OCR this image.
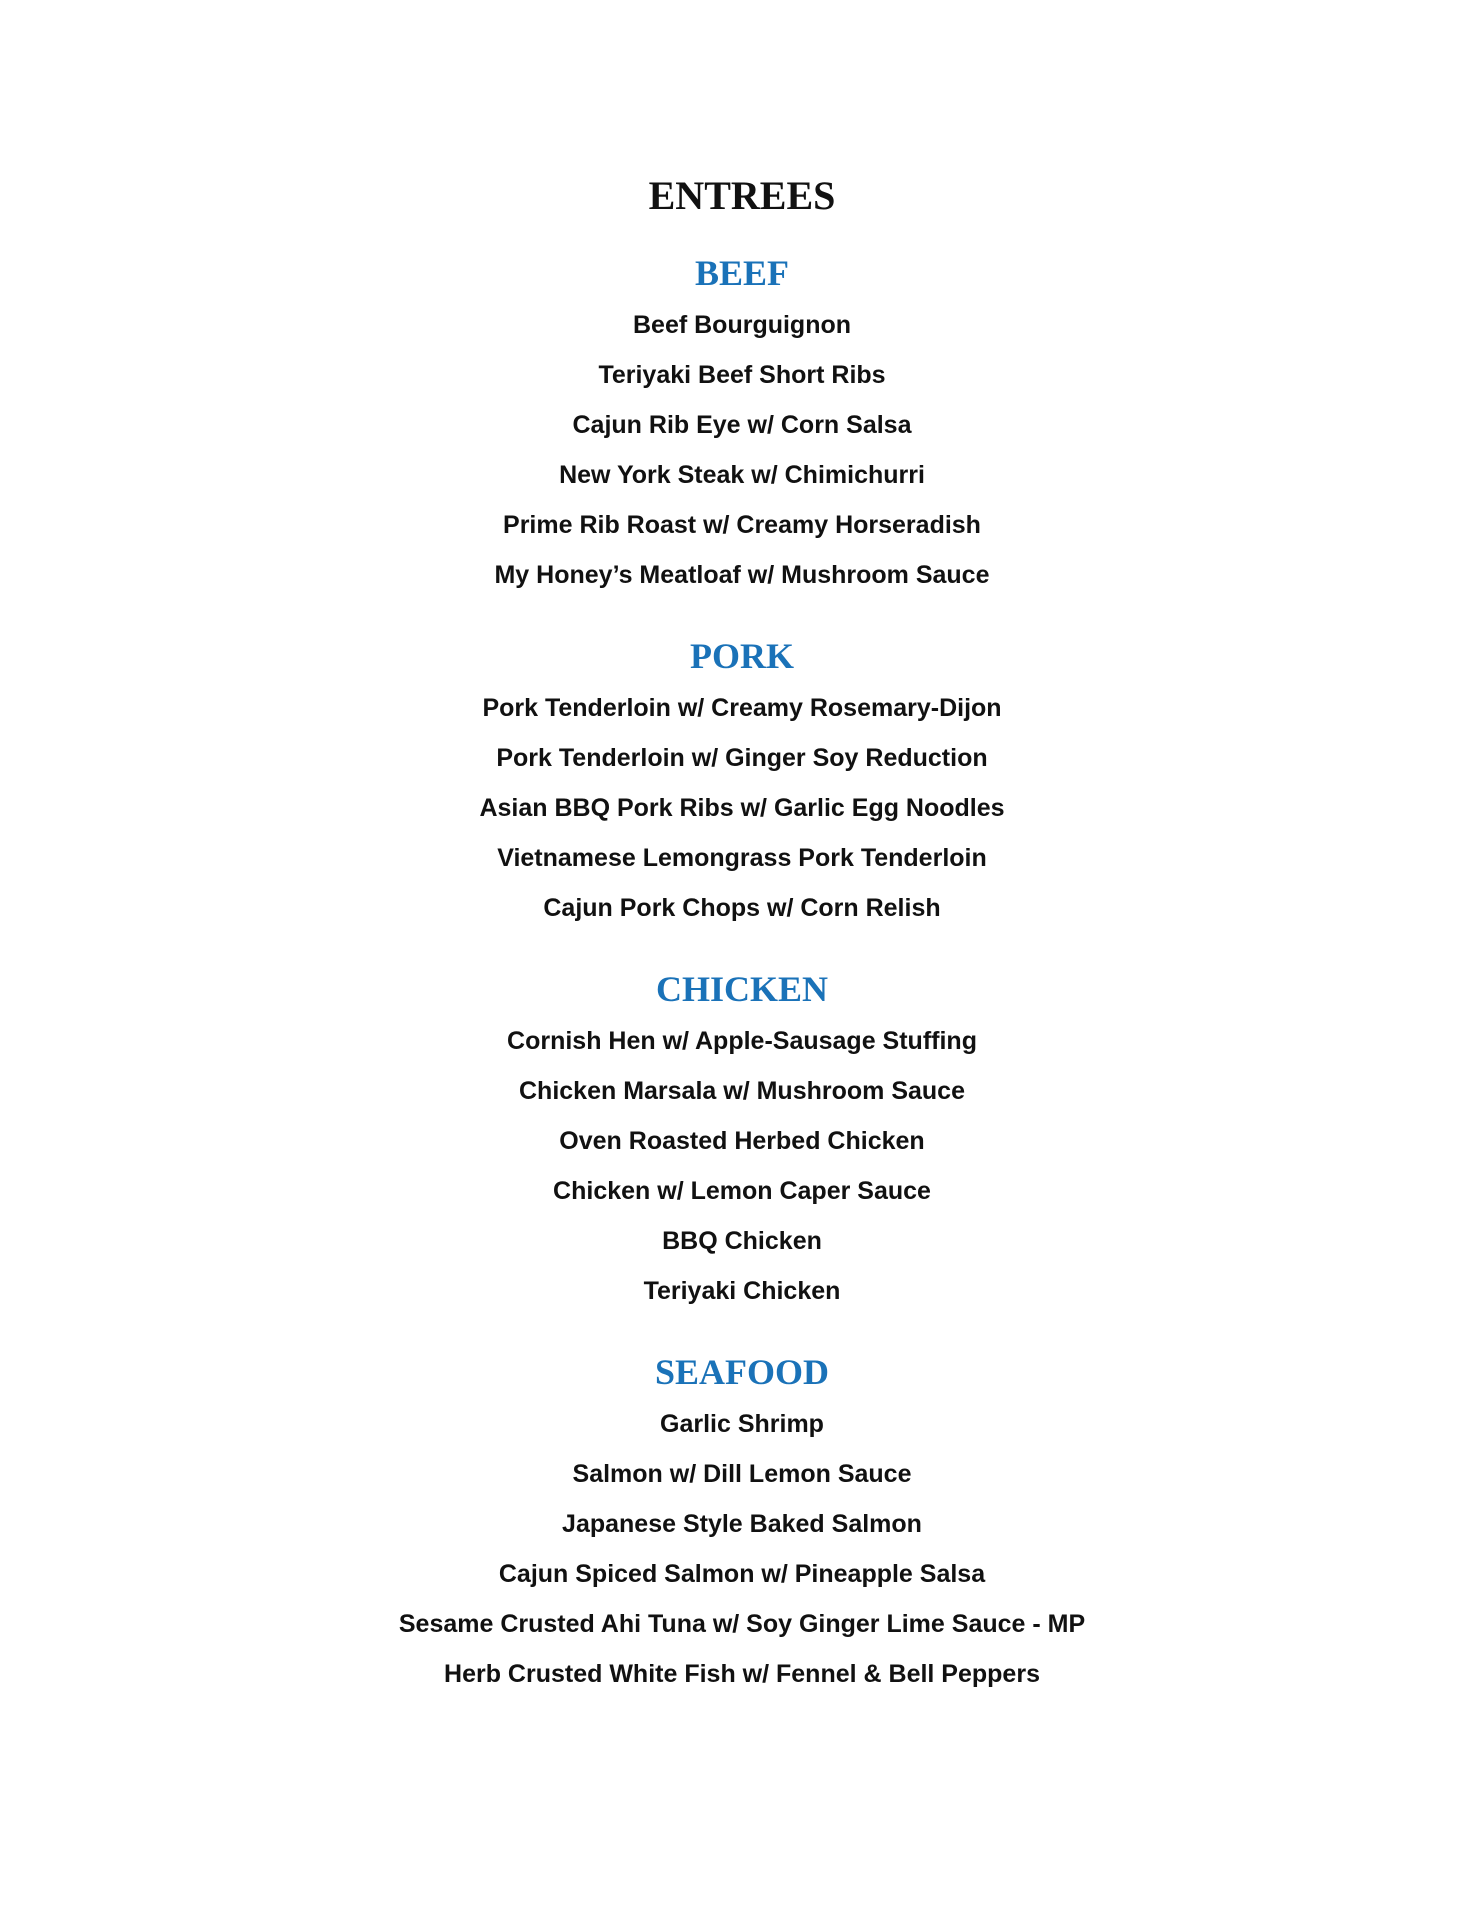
ENTREES
BEEF
Beef Bourguignon
Teriyaki Beef Short Ribs
Cajun Rib Eye w/ Corn Salsa
New York Steak w/ Chimichurri
Prime Rib Roast w/ Creamy Horseradish
My Honey’s Meatloaf w/ Mushroom Sauce
PORK
Pork Tenderloin w/ Creamy Rosemary-Dijon
Pork Tenderloin w/ Ginger Soy Reduction
Asian BBQ Pork Ribs w/ Garlic Egg Noodles
Vietnamese Lemongrass Pork Tenderloin
Cajun Pork Chops w/ Corn Relish
CHICKEN
Cornish Hen w/ Apple-Sausage Stuffing
Chicken Marsala w/ Mushroom Sauce
Oven Roasted Herbed Chicken
Chicken w/ Lemon Caper Sauce
BBQ Chicken
Teriyaki Chicken
SEAFOOD
Garlic Shrimp
Salmon w/ Dill Lemon Sauce
Japanese Style Baked Salmon
Cajun Spiced Salmon w/ Pineapple Salsa
Sesame Crusted Ahi Tuna w/ Soy Ginger Lime Sauce - MP
Herb Crusted White Fish w/ Fennel & Bell Peppers
